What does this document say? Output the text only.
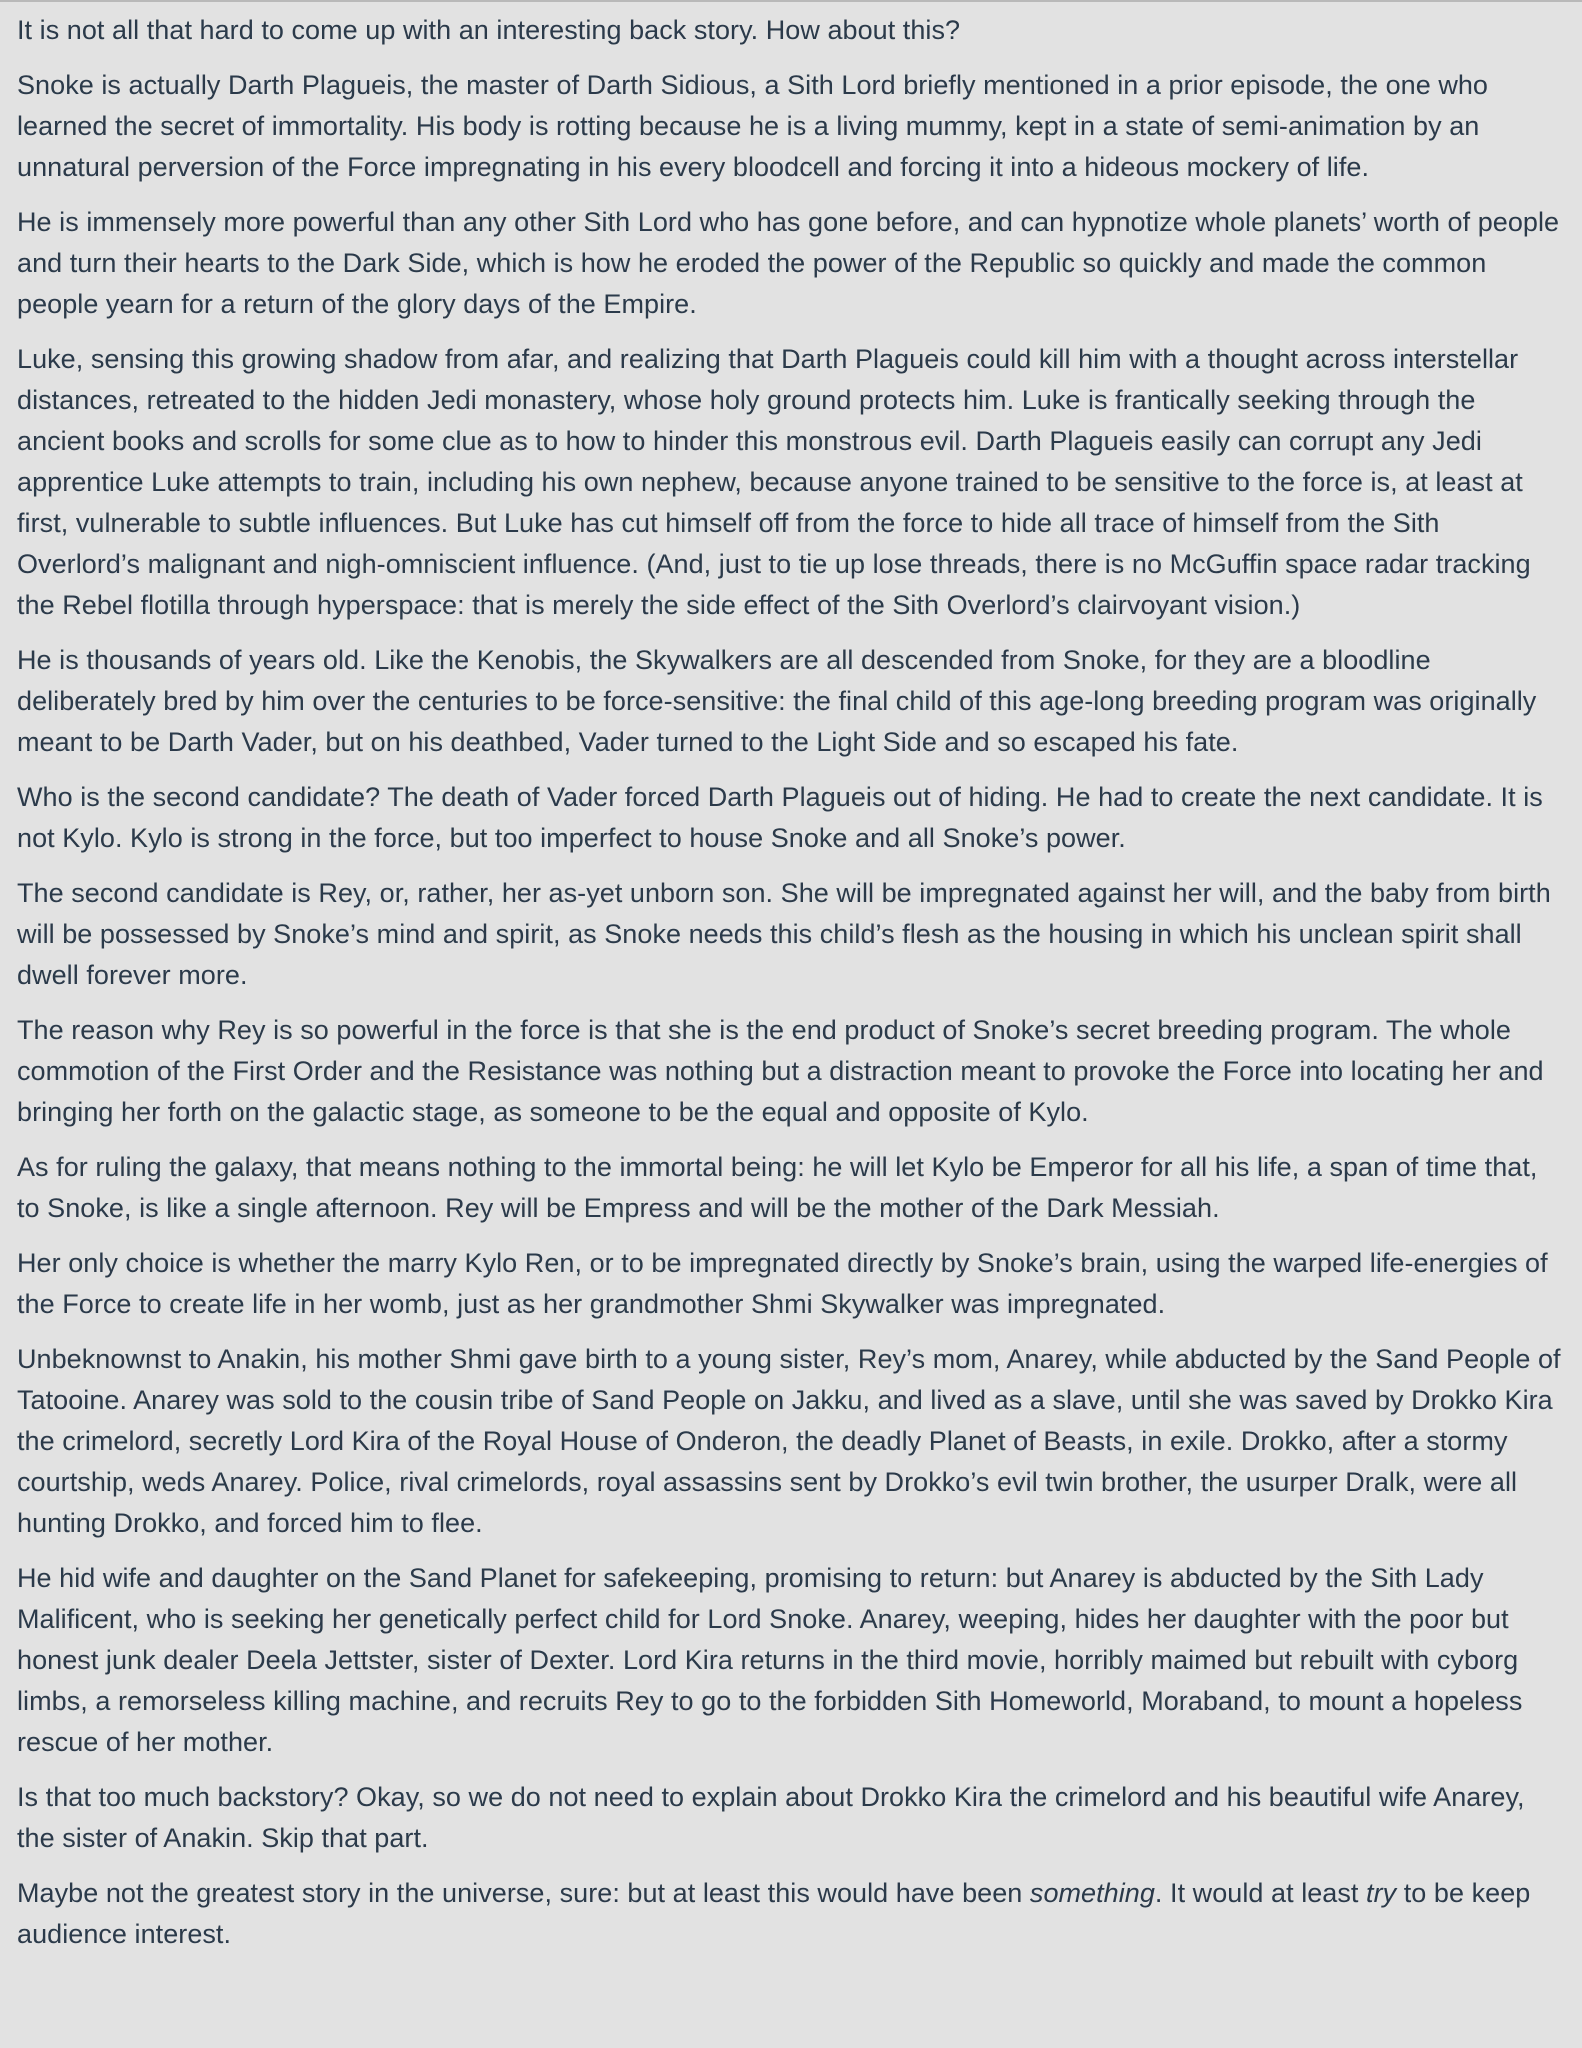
It is not all that hard to come up with an interesting back story. How about this?

Snoke is actually Darth Plagueis, the master of Darth Sidious, a Sith Lord briefly mentioned in a prior episode, the one who learned the secret of immortality. His body is rotting because he is a living mummy, kept in a state of semi-animation by an unnatural perversion of the Force impregnating in his every bloodcell and forcing it into a hideous mockery of life.

He is immensely more powerful than any other Sith Lord who has gone before, and can hypnotize whole planets’ worth of people and turn their hearts to the Dark Side, which is how he eroded the power of the Republic so quickly and made the common people yearn for a return of the glory days of the Empire.

Luke, sensing this growing shadow from afar, and realizing that Darth Plagueis could kill him with a thought across interstellar distances, retreated to the hidden Jedi monastery, whose holy ground protects him. Luke is frantically seeking through the ancient books and scrolls for some clue as to how to hinder this monstrous evil. Darth Plagueis easily can corrupt any Jedi apprentice Luke attempts to train, including his own nephew, because anyone trained to be sensitive to the force is, at least at first, vulnerable to subtle influences. But Luke has cut himself off from the force to hide all trace of himself from the Sith Overlord’s malignant and nigh-omniscient influence. (And, just to tie up lose threads, there is no McGuffin space radar tracking the Rebel flotilla through hyperspace: that is merely the side effect of the Sith Overlord’s clairvoyant vision.)

He is thousands of years old. Like the Kenobis, the Skywalkers are all descended from Snoke, for they are a bloodline deliberately bred by him over the centuries to be force-sensitive: the final child of this age-long breeding program was originally meant to be Darth Vader, but on his deathbed, Vader turned to the Light Side and so escaped his fate.

Who is the second candidate? The death of Vader forced Darth Plagueis out of hiding. He had to create the next candidate. It is not Kylo. Kylo is strong in the force, but too imperfect to house Snoke and all Snoke’s power.

The second candidate is Rey, or, rather, her as-yet unborn son. She will be impregnated against her will, and the baby from birth will be possessed by Snoke’s mind and spirit, as Snoke needs this child’s flesh as the housing in which his unclean spirit shall dwell forever more.

The reason why Rey is so powerful in the force is that she is the end product of Snoke’s secret breeding program. The whole commotion of the First Order and the Resistance was nothing but a distraction meant to provoke the Force into locating her and bringing her forth on the galactic stage, as someone to be the equal and opposite of Kylo.

As for ruling the galaxy, that means nothing to the immortal being: he will let Kylo be Emperor for all his life, a span of time that, to Snoke, is like a single afternoon. Rey will be Empress and will be the mother of the Dark Messiah.

Her only choice is whether the marry Kylo Ren, or to be impregnated directly by Snoke’s brain, using the warped life-energies of the Force to create life in her womb, just as her grandmother Shmi Skywalker was impregnated.

Unbeknownst to Anakin, his mother Shmi gave birth to a young sister, Rey’s mom, Anarey, while abducted by the Sand People of Tatooine. Anarey was sold to the cousin tribe of Sand People on Jakku, and lived as a slave, until she was saved by Drokko Kira the crimelord, secretly Lord Kira of the Royal House of Onderon, the deadly Planet of Beasts, in exile. Drokko, after a stormy courtship, weds Anarey. Police, rival crimelords, royal assassins sent by Drokko’s evil twin brother, the usurper Dralk, were all hunting Drokko, and forced him to flee.

He hid wife and daughter on the Sand Planet for safekeeping, promising to return: but Anarey is abducted by the Sith Lady Malificent, who is seeking her genetically perfect child for Lord Snoke. Anarey, weeping, hides her daughter with the poor but honest junk dealer Deela Jettster, sister of Dexter. Lord Kira returns in the third movie, horribly maimed but rebuilt with cyborg limbs, a remorseless killing machine, and recruits Rey to go to the forbidden Sith Homeworld, Moraband, to mount a hopeless rescue of her mother.

Is that too much backstory? Okay, so we do not need to explain about Drokko Kira the crimelord and his beautiful wife Anarey, the sister of Anakin. Skip that part.

Maybe not the greatest story in the universe, sure: but at least this would have been something. It would at least try to be keep audience interest.
